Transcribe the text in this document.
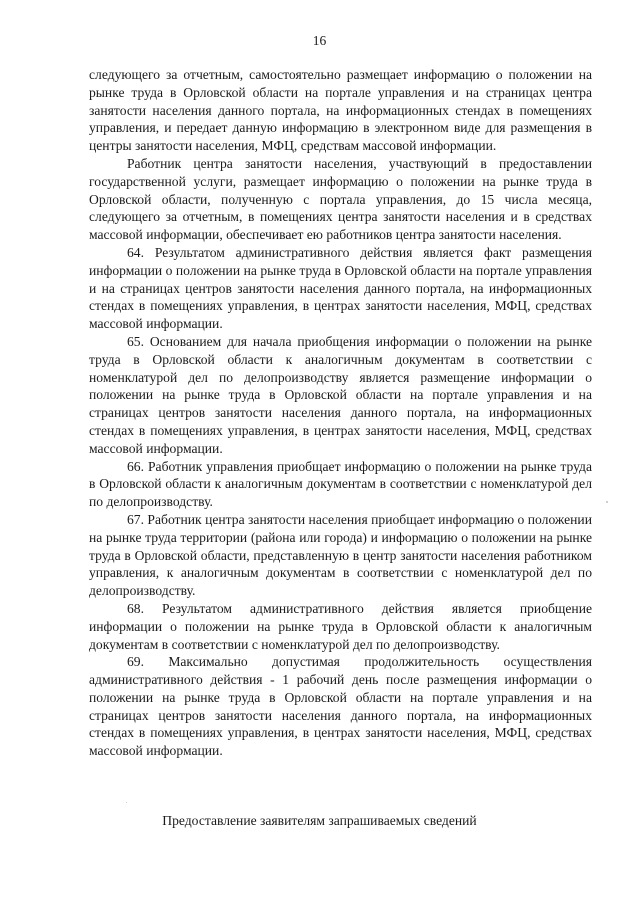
16

следующего за отчетным, самостоятельно размещает информацию о положении на рынке труда в Орловской области на портале управления и на страницах центра занятости населения данного портала, на информационных стендах в помещениях управления, и передает данную информацию в электронном виде для размещения в центры занятости населения, МФЦ, средствам массовой информации.

Работник центра занятости населения, участвующий в предоставлении государственной услуги, размещает информацию о положении на рынке труда в Орловской области, полученную с портала управления, до 15 числа месяца, следующего за отчетным, в помещениях центра занятости населения и в средствах массовой информации, обеспечивает ею работников центра занятости населения.

64. Результатом административного действия является факт размещения информации о положении на рынке труда в Орловской области на портале управления и на страницах центров занятости населения данного портала, на информационных стендах в помещениях управления, в центрах занятости населения, МФЦ, средствах массовой информации.

65. Основанием для начала приобщения информации о положении на рынке труда в Орловской области к аналогичным документам в соответствии с номенклатурой дел по делопроизводству является размещение информации о положении на рынке труда в Орловской области на портале управления и на страницах центров занятости населения данного портала, на информационных стендах в помещениях управления, в центрах занятости населения, МФЦ, средствах массовой информации.

66. Работник управления приобщает информацию о положении на рынке труда в Орловской области к аналогичным документам в соответствии с номенклатурой дел по делопроизводству.

67. Работник центра занятости населения приобщает информацию о положении на рынке труда территории (района или города) и информацию о положении на рынке труда в Орловской области, представленную в центр занятости населения работником управления, к аналогичным документам в соответствии с номенклатурой дел по делопроизводству.

68. Результатом административного действия является приобщение информации о положении на рынке труда в Орловской области к аналогичным документам в соответствии с номенклатурой дел по делопроизводству.

69. Максимально допустимая продолжительность осуществления административного действия - 1 рабочий день после размещения информации о положении на рынке труда в Орловской области на портале управления и на страницах центров занятости населения данного портала, на информационных стендах в помещениях управления, в центрах занятости населения, МФЦ, средствах массовой информации.

Предоставление заявителям запрашиваемых сведений
